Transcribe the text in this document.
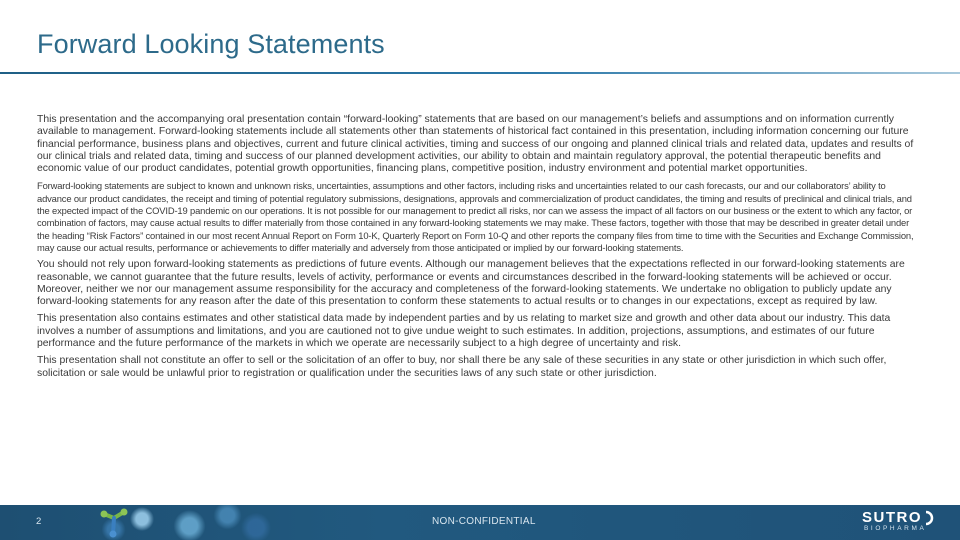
Forward Looking Statements

This presentation and the accompanying oral presentation contain “forward-looking” statements that are based on our management’s beliefs and assumptions and on information currently available to management. Forward-looking statements include all statements other than statements of historical fact contained in this presentation, including information concerning our future financial performance, business plans and objectives, current and future clinical activities, timing and success of our ongoing and planned clinical trials and related data, updates and results of our clinical trials and related data, timing and success of our planned development activities, our ability to obtain and maintain regulatory approval, the potential therapeutic benefits and economic value of our product candidates, potential growth opportunities, financing plans, competitive position, industry environment and potential market opportunities.

Forward-looking statements are subject to known and unknown risks, uncertainties, assumptions and other factors, including risks and uncertainties related to our cash forecasts, our and our collaborators’ ability to advance our product candidates, the receipt and timing of potential regulatory submissions, designations, approvals and commercialization of product candidates, the timing and results of preclinical and clinical trials, and the expected impact of the COVID-19 pandemic on our operations. It is not possible for our management to predict all risks, nor can we assess the impact of all factors on our business or the extent to which any factor, or combination of factors, may cause actual results to differ materially from those contained in any forward-looking statements we may make. These factors, together with those that may be described in greater detail under the heading “Risk Factors” contained in our most recent Annual Report on Form 10-K, Quarterly Report on Form 10-Q and other reports the company files from time to time with the Securities and Exchange Commission, may cause our actual results, performance or achievements to differ materially and adversely from those anticipated or implied by our forward-looking statements.

You should not rely upon forward-looking statements as predictions of future events. Although our management believes that the expectations reflected in our forward-looking statements are reasonable, we cannot guarantee that the future results, levels of activity, performance or events and circumstances described in the forward-looking statements will be achieved or occur. Moreover, neither we nor our management assume responsibility for the accuracy and completeness of the forward-looking statements. We undertake no obligation to publicly update any forward-looking statements for any reason after the date of this presentation to conform these statements to actual results or to changes in our expectations, except as required by law.

This presentation also contains estimates and other statistical data made by independent parties and by us relating to market size and growth and other data about our industry. This data involves a number of assumptions and limitations, and you are cautioned not to give undue weight to such estimates. In addition, projections, assumptions, and estimates of our future performance and the future performance of the markets in which we operate are necessarily subject to a high degree of uncertainty and risk.

This presentation shall not constitute an offer to sell or the solicitation of an offer to buy, nor shall there be any sale of these securities in any state or other jurisdiction in which such offer, solicitation or sale would be unlawful prior to registration or qualification under the securities laws of any such state or other jurisdiction.

2	NON-CONFIDENTIAL	SUTRO
BIOPHARMA
